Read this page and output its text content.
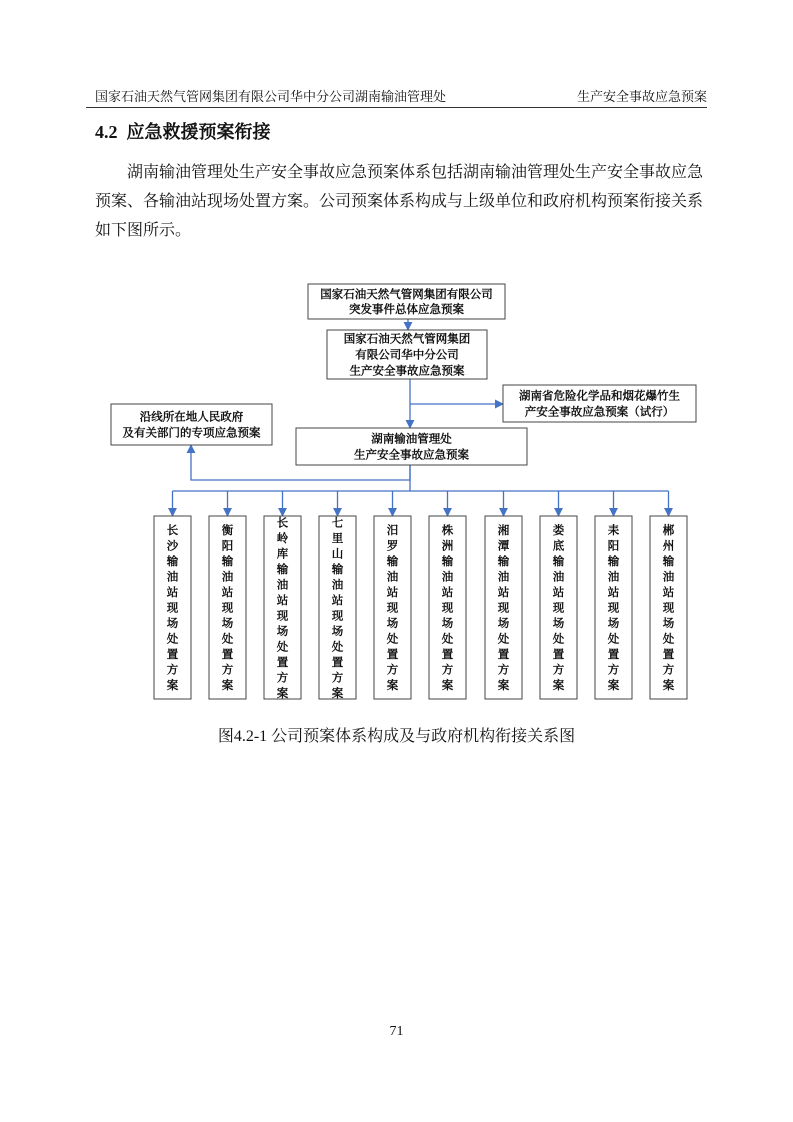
国家石油天然气管网集团有限公司华中分公司湖南输油管理处	生产安全事故应急预案
4.2 应急救援预案衔接

湖南输油管理处生产安全事故应急预案体系包括湖南输油管理处生产安全事故应急预案、各输油站现场处置方案。公司预案体系构成与上级单位和政府机构预案衔接关系如下图所示。

国家石油天然气管网集团有限公司
突发事件总体应急预案
国家石油天然气管网集团
有限公司华中分公司
生产安全事故应急预案
湖南省危险化学品和烟花爆竹生
产安全事故应急预案（试行）
沿线所在地人民政府
及有关部门的专项应急预案	湖南输油管理处
生产安全事故应急预案
长沙输油站现场处置方案
衡阳输油站现场处置方案
长岭库输油站现场处置方案
七里山输油站现场处置方案
汨罗输油站现场处置方案
株洲输油站现场处置方案
湘潭输油站现场处置方案
娄底输油站现场处置方案
耒阳输油站现场处置方案
郴州输油站现场处置方案
图4.2-1 公司预案体系构成及与政府机构衔接关系图
71
